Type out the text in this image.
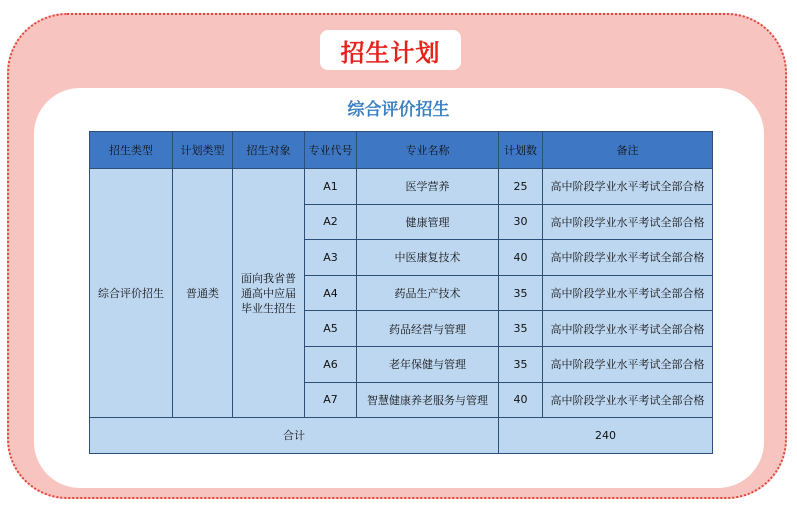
招生计划
综合评价招生
招生类型	计划类型	招生对象	专业代号	专业名称	计划数	备注
综合评价招生	普通类	面向我省普通高中应届毕业生招生	A1	医学营养	25	高中阶段学业水平考试全部合格
			A2	健康管理	30	高中阶段学业水平考试全部合格
			A3	中医康复技术	40	高中阶段学业水平考试全部合格
			A4	药品生产技术	35	高中阶段学业水平考试全部合格
			A5	药品经营与管理	35	高中阶段学业水平考试全部合格
			A6	老年保健与管理	35	高中阶段学业水平考试全部合格
			A7	智慧健康养老服务与管理	40	高中阶段学业水平考试全部合格
合计					240	
